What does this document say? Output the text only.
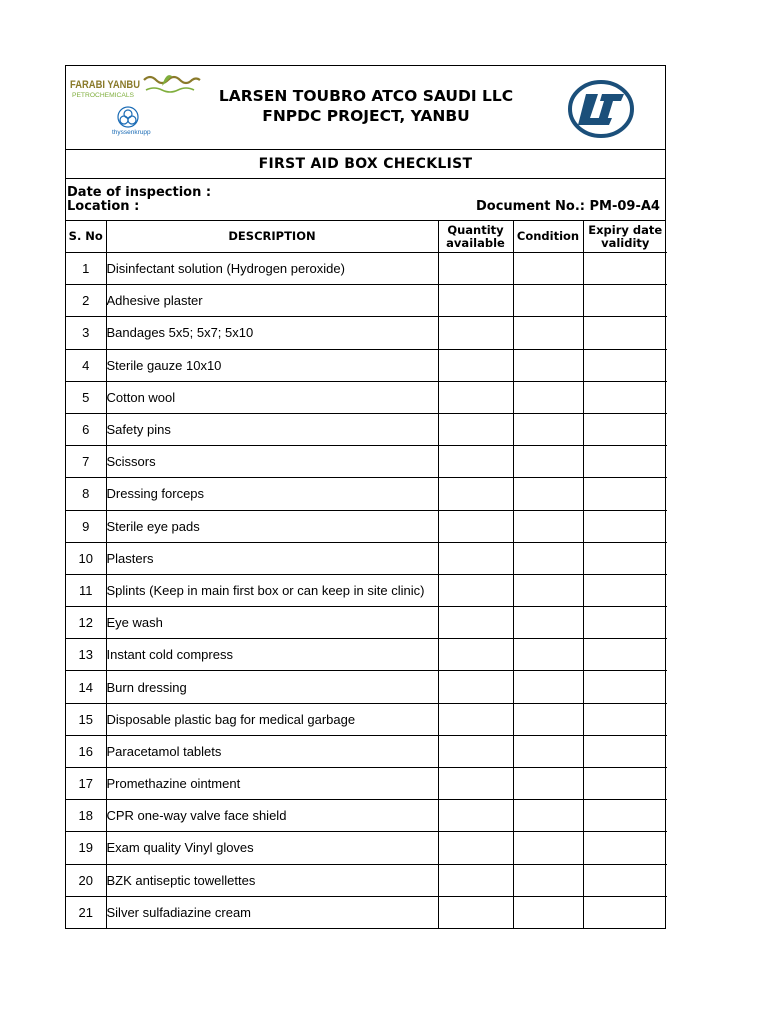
FARABI YANBU
PETROCHEMICALS
thyssenkrupp
LARSEN TOUBRO ATCO SAUDI LLC
FNPDC PROJECT, YANBU
FIRST AID BOX CHECKLIST
Date of inspection :
Location :	Document No.: PM-09-A4
S. No	DESCRIPTION	Quantity available	Condition	Expiry date validity
1	Disinfectant solution (Hydrogen peroxide)			
2	Adhesive plaster			
3	Bandages 5x5; 5x7; 5x10			
4	Sterile gauze 10x10			
5	Cotton wool			
6	Safety pins			
7	Scissors			
8	Dressing forceps			
9	Sterile eye pads			
10	Plasters			
11	Splints (Keep in main first box or can keep in site clinic)			
12	Eye wash			
13	Instant cold compress			
14	Burn dressing			
15	Disposable plastic bag for medical garbage			
16	Paracetamol tablets			
17	Promethazine ointment			
18	CPR one-way valve face shield			
19	Exam quality Vinyl gloves			
20	BZK antiseptic towellettes			
21	Silver sulfadiazine cream			
